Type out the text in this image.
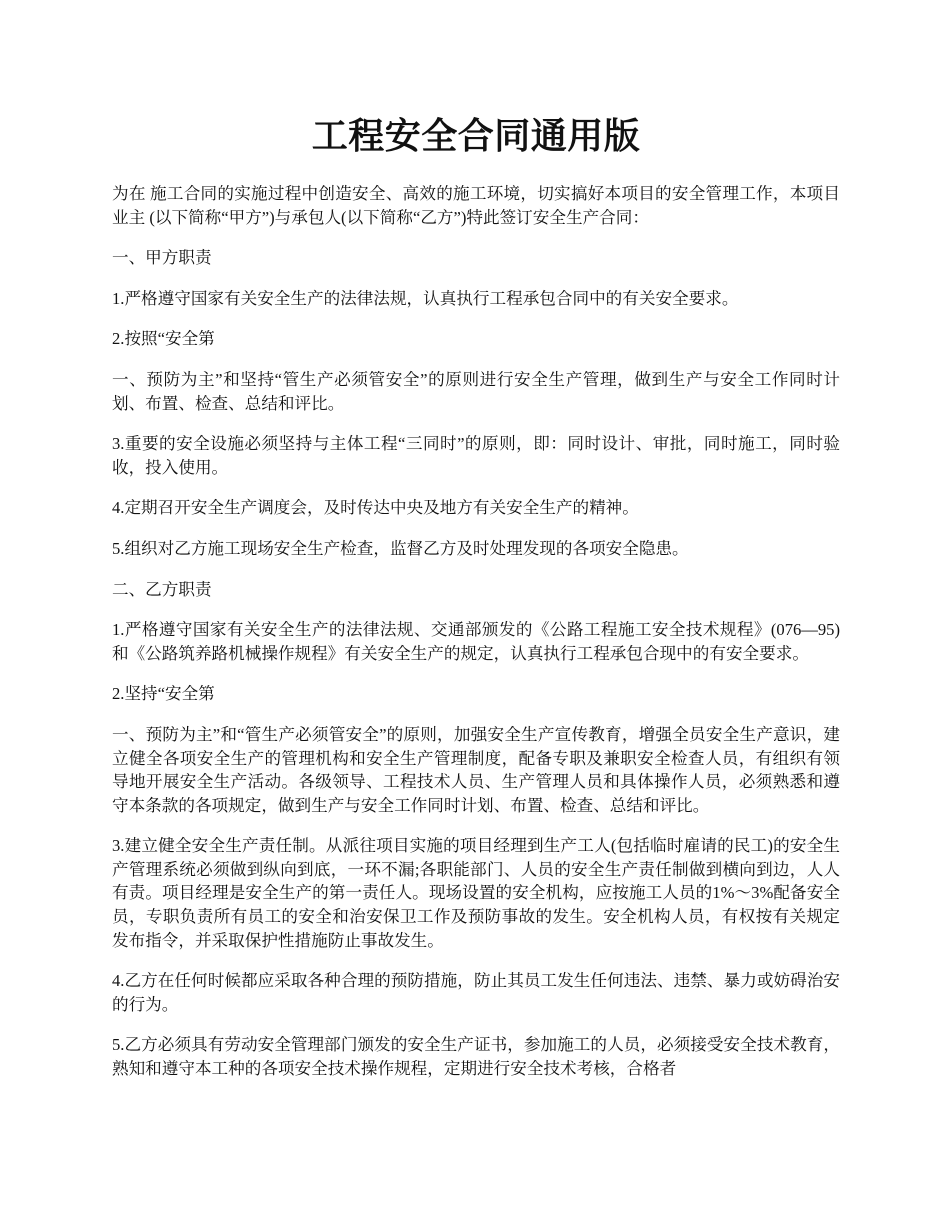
工程安全合同通用版

为在 施工合同的实施过程中创造安全、高效的施工环境，切实搞好本项目的安全管理工作，本项目业主 (以下简称“甲方”)与承包人(以下简称“乙方”)特此签订安全生产合同：

一、甲方职责

1.严格遵守国家有关安全生产的法律法规，认真执行工程承包合同中的有关安全要求。

2.按照“安全第

一、预防为主”和坚持“管生产必须管安全”的原则进行安全生产管理，做到生产与安全工作同时计划、布置、检查、总结和评比。

3.重要的安全设施必须坚持与主体工程“三同时”的原则，即：同时设计、审批，同时施工，同时验收，投入使用。

4.定期召开安全生产调度会，及时传达中央及地方有关安全生产的精神。

5.组织对乙方施工现场安全生产检查，监督乙方及时处理发现的各项安全隐患。

二、乙方职责

1.严格遵守国家有关安全生产的法律法规、交通部颁发的《公路工程施工安全技术规程》(076—95)和《公路筑养路机械操作规程》有关安全生产的规定，认真执行工程承包合现中的有安全要求。

2.坚持“安全第

一、预防为主”和“管生产必须管安全”的原则，加强安全生产宣传教育，增强全员安全生产意识，建立健全各项安全生产的管理机构和安全生产管理制度，配备专职及兼职安全检查人员，有组织有领导地开展安全生产活动。各级领导、工程技术人员、生产管理人员和具体操作人员，必须熟悉和遵守本条款的各项规定，做到生产与安全工作同时计划、布置、检查、总结和评比。

3.建立健全安全生产责任制。从派往项目实施的项目经理到生产工人(包括临时雇请的民工)的安全生产管理系统必须做到纵向到底，一环不漏;各职能部门、人员的安全生产责任制做到横向到边，人人有责。项目经理是安全生产的第一责任人。现场设置的安全机构，应按施工人员的1%～3%配备安全员，专职负责所有员工的安全和治安保卫工作及预防事故的发生。安全机构人员，有权按有关规定发布指令，并采取保护性措施防止事故发生。

4.乙方在任何时候都应采取各种合理的预防措施，防止其员工发生任何违法、违禁、暴力或妨碍治安的行为。

5.乙方必须具有劳动安全管理部门颁发的安全生产证书，参加施工的人员，必须接受安全技术教育，熟知和遵守本工种的各项安全技术操作规程，定期进行安全技术考核，合格者
